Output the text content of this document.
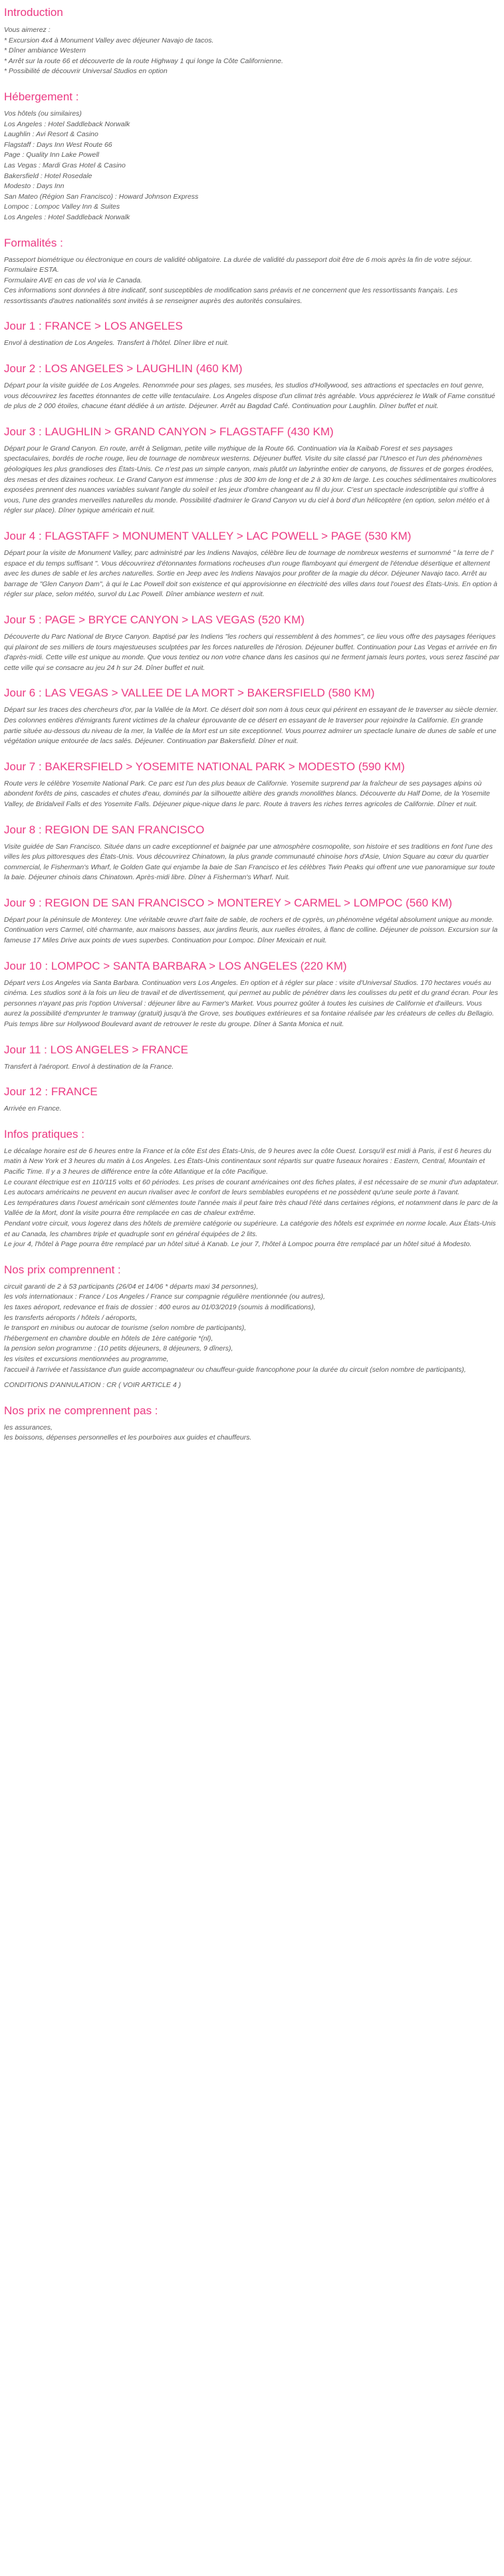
Introduction

Vous aimerez :

* Excursion 4x4 à Monument Valley avec déjeuner Navajo de tacos.

* Dîner ambiance Western

* Arrêt sur la route 66 et découverte de la route Highway 1 qui longe la Côte Californienne.

* Possibilité de découvrir Universal Studios en option

Hébergement :

Vos hôtels (ou similaires)

Los Angeles : Hotel Saddleback Norwalk

Laughlin : Avi Resort & Casino

Flagstaff : Days Inn West Route 66

Page : Quality Inn Lake Powell

Las Vegas : Mardi Gras Hotel & Casino

Bakersfield : Hotel Rosedale

Modesto : Days Inn

San Mateo (Région San Francisco) : Howard Johnson Express

Lompoc : Lompoc Valley Inn & Suites

Los Angeles : Hotel Saddleback Norwalk

Formalités :

Passeport biométrique ou électronique en cours de validité obligatoire. La durée de validité du passeport doit être de 6 mois après la fin de votre séjour.

Formulaire ESTA.

Formulaire AVE en cas de vol via le Canada.

Ces informations sont données à titre indicatif, sont susceptibles de modification sans préavis et ne concernent que les ressortissants français. Les ressortissants d'autres nationalités sont invités à se renseigner auprès des autorités consulaires.

Jour 1 : FRANCE > LOS ANGELES

Envol à destination de Los Angeles. Transfert à l'hôtel. Dîner libre et nuit.

Jour 2 : LOS ANGELES > LAUGHLIN (460 KM)

Départ pour la visite guidée de Los Angeles. Renommée pour ses plages, ses musées, les studios d'Hollywood, ses attractions et spectacles en tout genre, vous découvrirez les facettes étonnantes de cette ville tentaculaire. Los Angeles dispose d'un climat très agréable. Vous apprécierez le Walk of Fame constitué de plus de 2 000 étoiles, chacune étant dédiée à un artiste. Déjeuner. Arrêt au Bagdad Café. Continuation pour Laughlin. Dîner buffet et nuit.

Jour 3 : LAUGHLIN > GRAND CANYON > FLAGSTAFF (430 KM)

Départ pour le Grand Canyon. En route, arrêt à Seligman, petite ville mythique de la Route 66. Continuation via la Kaibab Forest et ses paysages spectaculaires, bordés de roche rouge, lieu de tournage de nombreux westerns. Déjeuner buffet. Visite du site classé par l'Unesco et l'un des phénomènes géologiques les plus grandioses des États-Unis. Ce n'est pas un simple canyon, mais plutôt un labyrinthe entier de canyons, de fissures et de gorges érodées, des mesas et des dizaines rocheux. Le Grand Canyon est immense : plus de 300 km de long et de 2 à 30 km de large. Les couches sédimentaires multicolores exposées prennent des nuances variables suivant l'angle du soleil et les jeux d'ombre changeant au fil du jour. C'est un spectacle indescriptible qui s'offre à vous, l'une des grandes merveilles naturelles du monde. Possibilité d'admirer le Grand Canyon vu du ciel à bord d'un hélicoptère (en option, selon météo et à régler sur place). Dîner typique américain et nuit.

Jour 4 : FLAGSTAFF > MONUMENT VALLEY > LAC POWELL > PAGE (530 KM)

Départ pour la visite de Monument Valley, parc administré par les Indiens Navajos, célèbre lieu de tournage de nombreux westerns et surnommé " la terre de l' espace et du temps suffisant ". Vous découvrirez d'étonnantes formations rocheuses d'un rouge flamboyant qui émergent de l'étendue désertique et alternent avec les dunes de sable et les arches naturelles. Sortie en Jeep avec les Indiens Navajos pour profiter de la magie du décor. Déjeuner Navajo taco. Arrêt au barrage de "Glen Canyon Dam", à qui le Lac Powell doit son existence et qui approvisionne en électricité des villes dans tout l'ouest des États-Unis. En option à régler sur place, selon météo, survol du Lac Powell. Dîner ambiance western et nuit.

Jour 5 : PAGE > BRYCE CANYON > LAS VEGAS (520 KM)

Découverte du Parc National de Bryce Canyon. Baptisé par les Indiens "les rochers qui ressemblent à des hommes", ce lieu vous offre des paysages féeriques qui plairont de ses milliers de tours majestueuses sculptées par les forces naturelles de l'érosion. Déjeuner buffet. Continuation pour Las Vegas et arrivée en fin d'après-midi. Cette ville est unique au monde. Que vous tentiez ou non votre chance dans les casinos qui ne ferment jamais leurs portes, vous serez fasciné par cette ville qui se consacre au jeu 24 h sur 24. Dîner buffet et nuit.

Jour 6 : LAS VEGAS > VALLEE DE LA MORT > BAKERSFIELD (580 KM)

Départ sur les traces des chercheurs d'or, par la Vallée de la Mort. Ce désert doit son nom à tous ceux qui périrent en essayant de le traverser au siècle dernier. Des colonnes entières d'émigrants furent victimes de la chaleur éprouvante de ce désert en essayant de le traverser pour rejoindre la Californie. En grande partie située au-dessous du niveau de la mer, la Vallée de la Mort est un site exceptionnel. Vous pourrez admirer un spectacle lunaire de dunes de sable et une végétation unique entourée de lacs salés. Déjeuner. Continuation par Bakersfield. Dîner et nuit.

Jour 7 : BAKERSFIELD > YOSEMITE NATIONAL PARK > MODESTO (590 KM)

Route vers le célèbre Yosemite National Park. Ce parc est l'un des plus beaux de Californie. Yosemite surprend par la fraîcheur de ses paysages alpins où abondent forêts de pins, cascades et chutes d'eau, dominés par la silhouette altière des grands monolithes blancs. Découverte du Half Dome, de la Yosemite Valley, de Bridalveil Falls et des Yosemite Falls. Déjeuner pique-nique dans le parc. Route à travers les riches terres agricoles de Californie. Dîner et nuit.

Jour 8 : REGION DE SAN FRANCISCO

Visite guidée de San Francisco. Située dans un cadre exceptionnel et baignée par une atmosphère cosmopolite, son histoire et ses traditions en font l'une des villes les plus pittoresques des États-Unis. Vous découvrirez Chinatown, la plus grande communauté chinoise hors d'Asie, Union Square au cœur du quartier commercial, le Fisherman's Wharf, le Golden Gate qui enjambe la baie de San Francisco et les célèbres Twin Peaks qui offrent une vue panoramique sur toute la baie. Déjeuner chinois dans Chinatown. Après-midi libre. Dîner à Fisherman's Wharf. Nuit.

Jour 9 : REGION DE SAN FRANCISCO > MONTEREY > CARMEL > LOMPOC (560 KM)

Départ pour la péninsule de Monterey. Une véritable œuvre d'art faite de sable, de rochers et de cyprès, un phénomène végétal absolument unique au monde. Continuation vers Carmel, cité charmante, aux maisons basses, aux jardins fleuris, aux ruelles étroites, à flanc de colline. Déjeuner de poisson. Excursion sur la fameuse 17 Miles Drive aux points de vues superbes. Continuation pour Lompoc. Dîner Mexicain et nuit.

Jour 10 : LOMPOC > SANTA BARBARA > LOS ANGELES (220 KM)

Départ vers Los Angeles via Santa Barbara. Continuation vers Los Angeles. En option et à régler sur place : visite d'Universal Studios. 170 hectares voués au cinéma. Les studios sont à la fois un lieu de travail et de divertissement, qui permet au public de pénétrer dans les coulisses du petit et du grand écran. Pour les personnes n'ayant pas pris l'option Universal : déjeuner libre au Farmer's Market. Vous pourrez goûter à toutes les cuisines de Californie et d'ailleurs. Vous aurez la possibilité d'emprunter le tramway (gratuit) jusqu'à the Grove, ses boutiques extérieures et sa fontaine réalisée par les créateurs de celles du Bellagio. Puis temps libre sur Hollywood Boulevard avant de retrouver le reste du groupe. Dîner à Santa Monica et nuit.

Jour 11 : LOS ANGELES > FRANCE

Transfert à l'aéroport. Envol à destination de la France.

Jour 12 : FRANCE

Arrivée en France.

Infos pratiques :

Le décalage horaire est de 6 heures entre la France et la côte Est des États-Unis, de 9 heures avec la côte Ouest. Lorsqu'il est midi à Paris, il est 6 heures du matin à New York et 3 heures du matin à Los Angeles. Les États-Unis continentaux sont répartis sur quatre fuseaux horaires : Eastern, Central, Mountain et Pacific Time. Il y a 3 heures de différence entre la côte Atlantique et la côte Pacifique.

Le courant électrique est en 110/115 volts et 60 périodes. Les prises de courant américaines ont des fiches plates, il est nécessaire de se munir d'un adaptateur.

Les autocars américains ne peuvent en aucun rivaliser avec le confort de leurs semblables européens et ne possèdent qu'une seule porte à l'avant.

Les températures dans l'ouest américain sont clémentes toute l'année mais il peut faire très chaud l'été dans certaines régions, et notamment dans le parc de la Vallée de la Mort, dont la visite pourra être remplacée en cas de chaleur extrême.

Pendant votre circuit, vous logerez dans des hôtels de première catégorie ou supérieure. La catégorie des hôtels est exprimée en norme locale. Aux États-Unis et au Canada, les chambres triple et quadruple sont en général équipées de 2 lits.

Le jour 4, l'hôtel à Page pourra être remplacé par un hôtel situé à Kanab. Le jour 7, l'hôtel à Lompoc pourra être remplacé par un hôtel situé à Modesto.

Nos prix comprennent :

circuit garanti de 2 à 53 participants (26/04 et 14/06 * départs maxi 34 personnes),

les vols internationaux : France / Los Angeles / France sur compagnie régulière mentionnée (ou autres),

les taxes aéroport, redevance et frais de dossier : 400 euros au 01/03/2019 (soumis à modifications),

les transferts aéroports / hôtels / aéroports,

le transport en minibus ou autocar de tourisme (selon nombre de participants),

l'hébergement en chambre double en hôtels de 1ère catégorie *(nl),

la pension selon programme : (10 petits déjeuners, 8 déjeuners, 9 dîners),

les visites et excursions mentionnées au programme,

l'accueil à l'arrivée et l'assistance d'un guide accompagnateur ou chauffeur-guide francophone pour la durée du circuit (selon nombre de participants),

CONDITIONS D'ANNULATION : CR ( VOIR ARTICLE 4 )

Nos prix ne comprennent pas :

les assurances,

les boissons, dépenses personnelles et les pourboires aux guides et chauffeurs.
